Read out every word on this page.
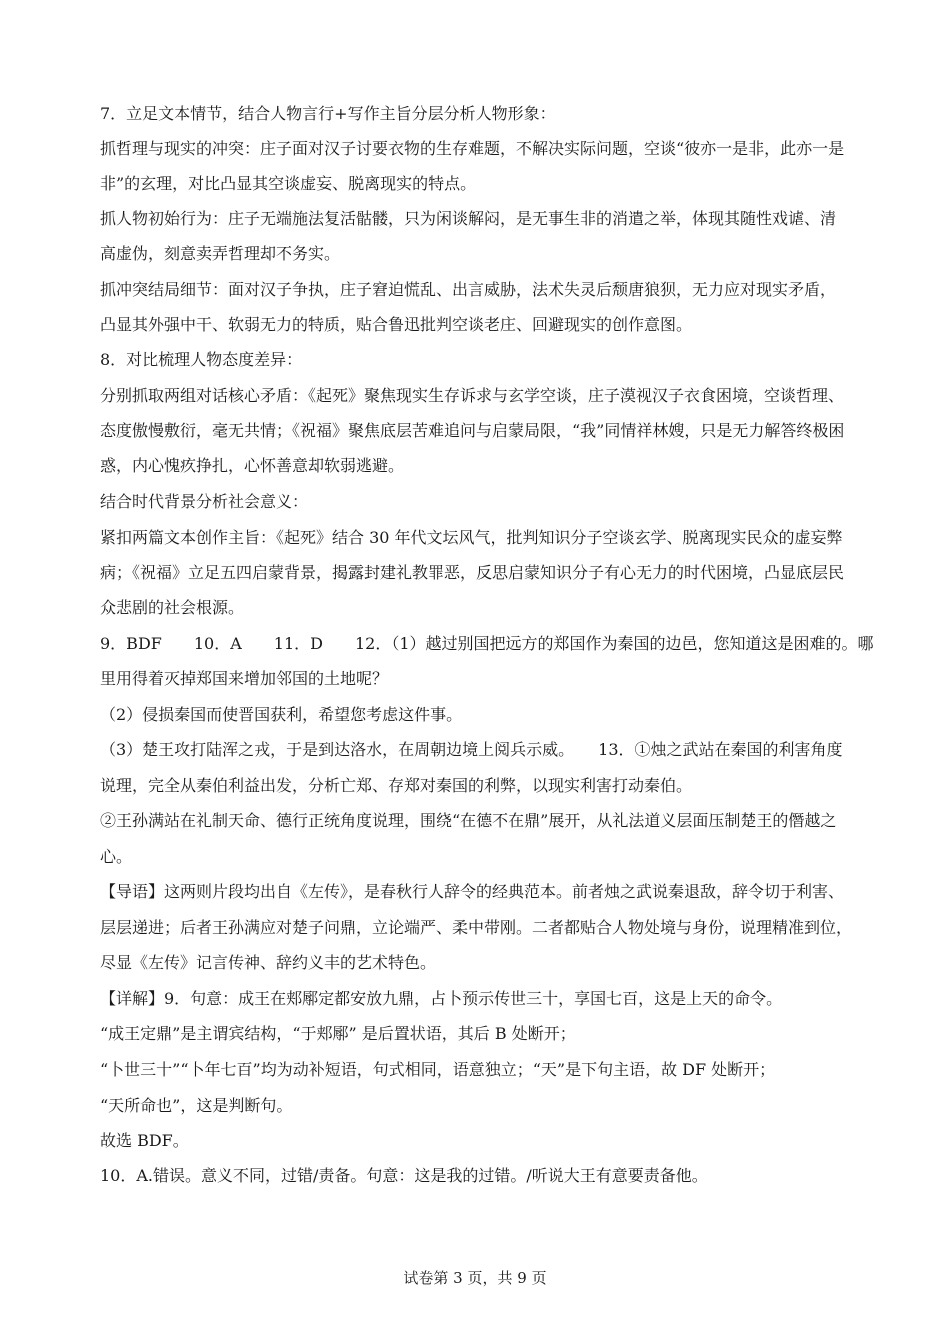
7．立足文本情节，结合人物言行+写作主旨分层分析人物形象：
抓哲理与现实的冲突：庄子面对汉子讨要衣物的生存难题，不解决实际问题，空谈“彼亦一是非，此亦一是
非”的玄理，对比凸显其空谈虚妄、脱离现实的特点。
抓人物初始行为：庄子无端施法复活骷髅，只为闲谈解闷，是无事生非的消遣之举，体现其随性戏谑、清
高虚伪，刻意卖弄哲理却不务实。
抓冲突结局细节：面对汉子争执，庄子窘迫慌乱、出言威胁，法术失灵后颓唐狼狈，无力应对现实矛盾，
凸显其外强中干、软弱无力的特质，贴合鲁迅批判空谈老庄、回避现实的创作意图。
8．对比梳理人物态度差异：
分别抓取两组对话核心矛盾：《起死》聚焦现实生存诉求与玄学空谈，庄子漠视汉子衣食困境，空谈哲理、
态度傲慢敷衍，毫无共情；《祝福》聚焦底层苦难追问与启蒙局限，“我”同情祥林嫂，只是无力解答终极困
惑，内心愧疚挣扎，心怀善意却软弱逃避。
结合时代背景分析社会意义：
紧扣两篇文本创作主旨：《起死》结合 30 年代文坛风气，批判知识分子空谈玄学、脱离现实民众的虚妄弊
病；《祝福》立足五四启蒙背景，揭露封建礼教罪恶，反思启蒙知识分子有心无力的时代困境，凸显底层民
众悲剧的社会根源。
9．BDF　　10．A　　11．D　　12．（1）越过别国把远方的郑国作为秦国的边邑，您知道这是困难的。哪
里用得着灭掉郑国来增加邻国的土地呢？
（2）侵损秦国而使晋国获利，希望您考虑这件事。
（3）楚王攻打陆浑之戎，于是到达洛水，在周朝边境上阅兵示威。　　13．①烛之武站在秦国的利害角度
说理，完全从秦伯利益出发，分析亡郑、存郑对秦国的利弊，以现实利害打动秦伯。
②王孙满站在礼制天命、德行正统角度说理，围绕“在德不在鼎”展开，从礼法道义层面压制楚王的僭越之
心。
【导语】这两则片段均出自《左传》，是春秋行人辞令的经典范本。前者烛之武说秦退敌，辞令切于利害、
层层递进；后者王孙满应对楚子问鼎，立论端严、柔中带刚。二者都贴合人物处境与身份，说理精准到位，
尽显《左传》记言传神、辞约义丰的艺术特色。
【详解】9．句意：成王在郏鄏定都安放九鼎，占卜预示传世三十，享国七百，这是上天的命令。
“成王定鼎”是主谓宾结构，“于郏鄏” 是后置状语，其后 B 处断开；
“卜世三十”“卜年七百”均为动补短语，句式相同，语意独立；“天”是下句主语，故 DF 处断开；
“天所命也”，这是判断句。
故选 BDF。
10．A.错误。意义不同，过错/责备。句意：这是我的过错。/听说大王有意要责备他。
试卷第 3 页，共 9 页
